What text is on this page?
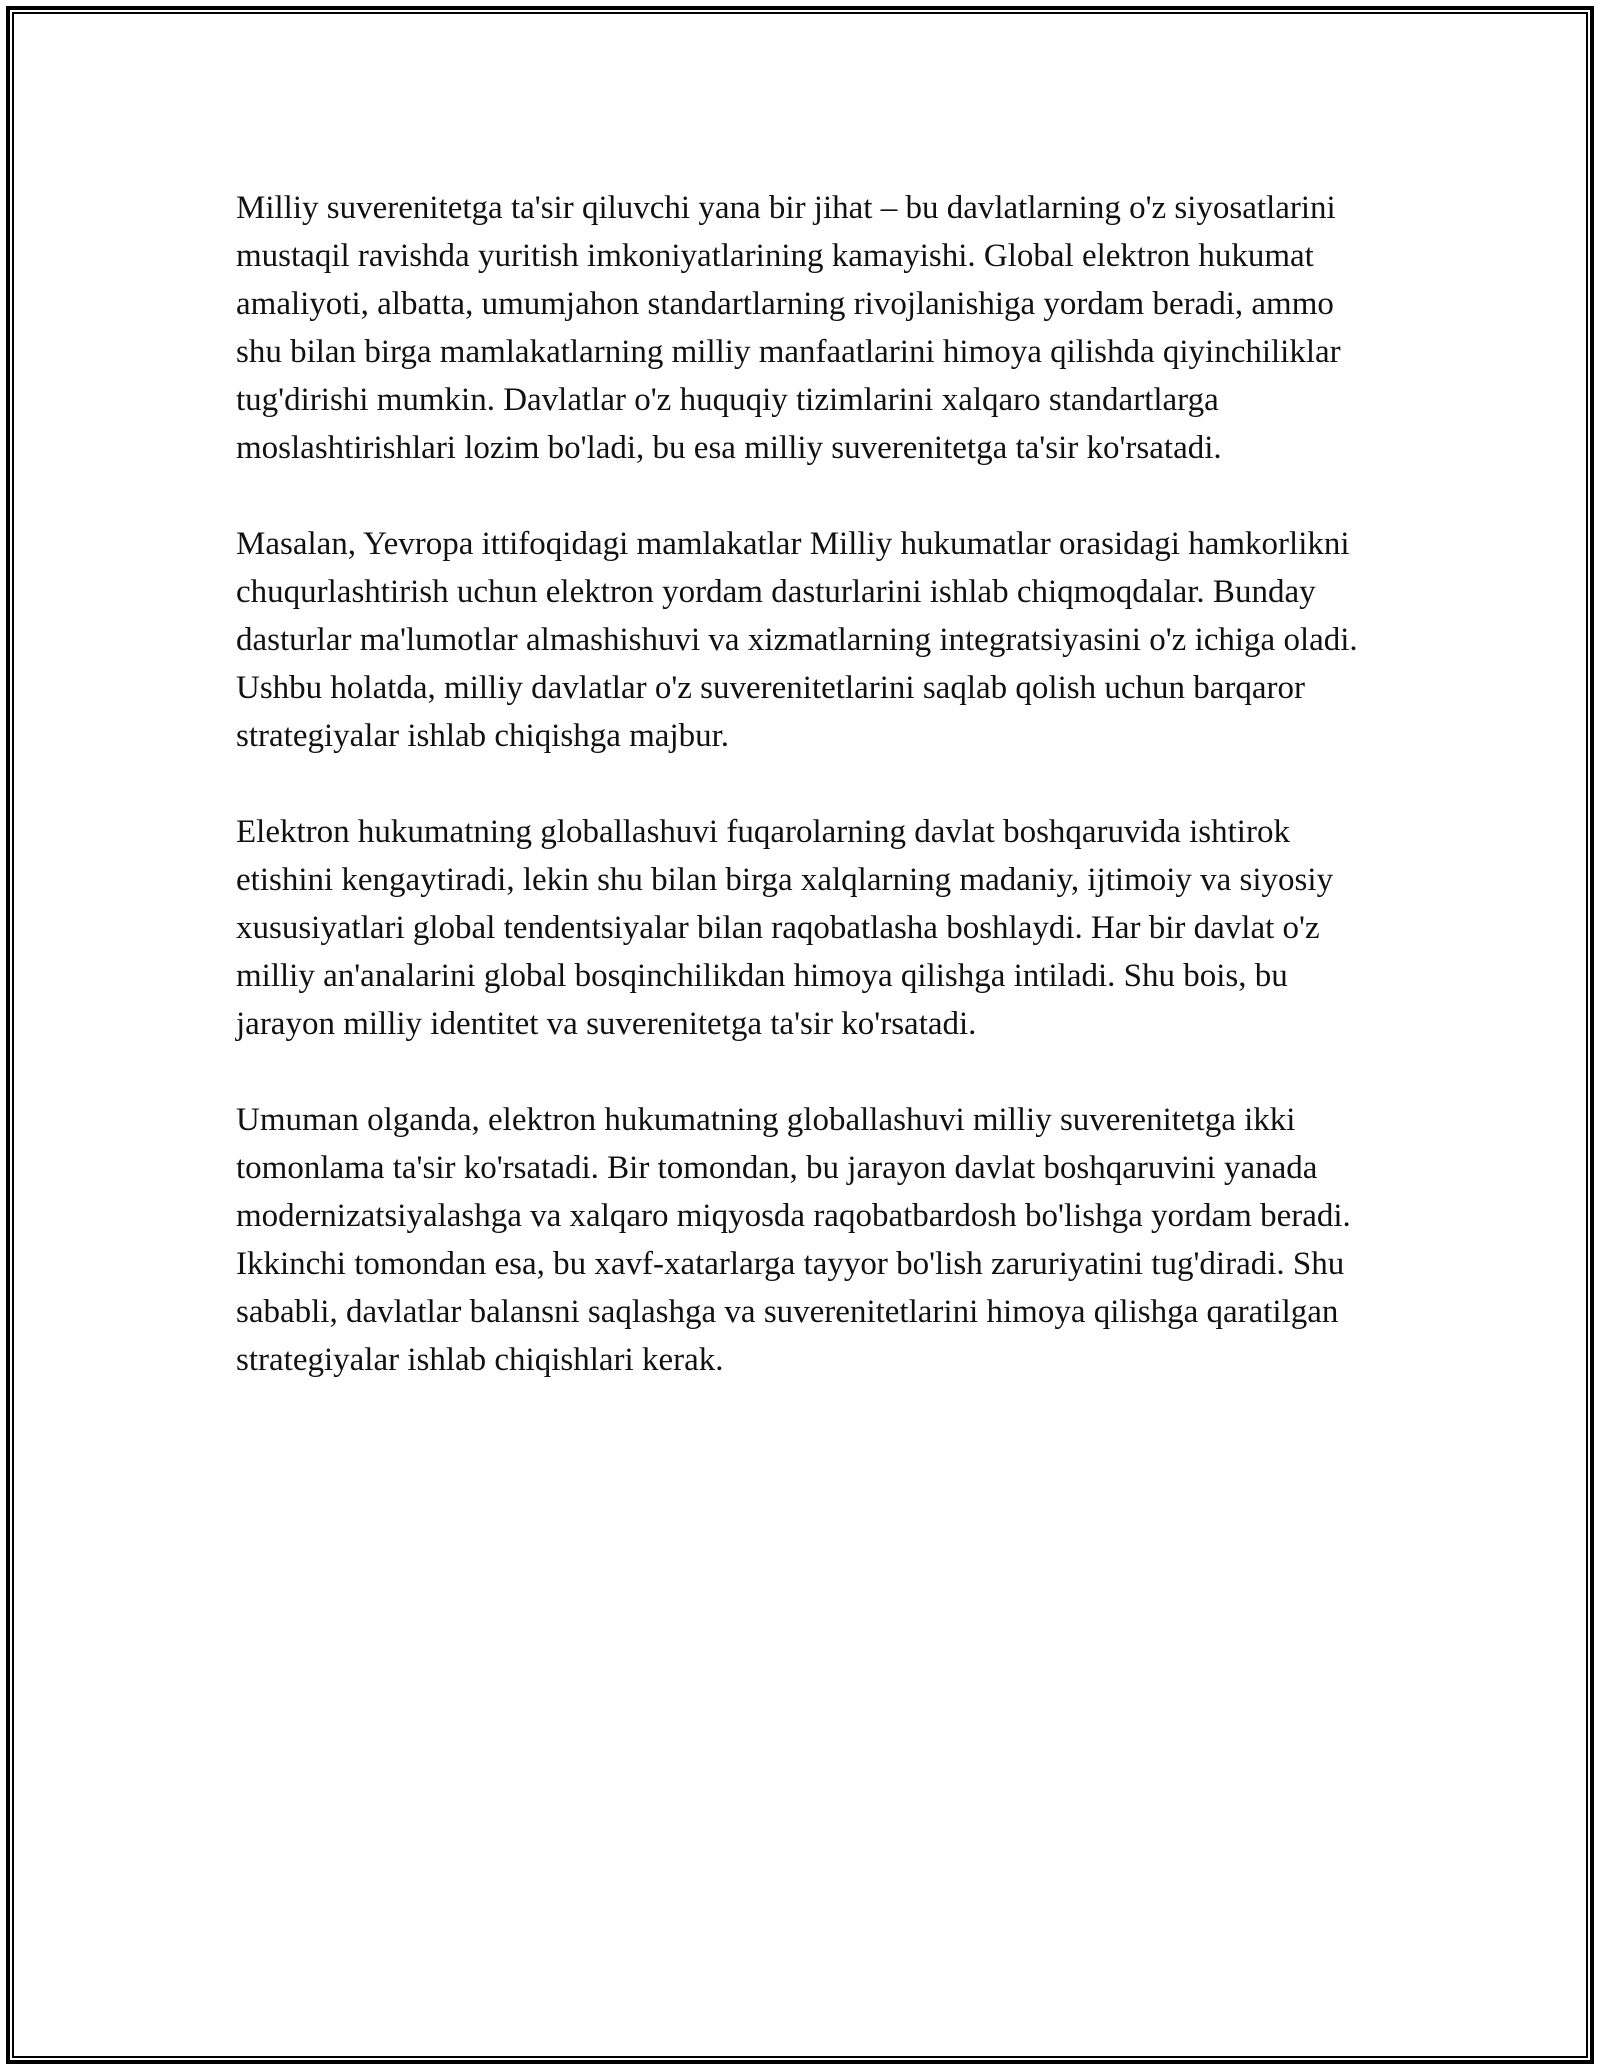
Milliy suverenitetga ta'sir qiluvchi yana bir jihat – bu davlatlarning o'z siyosatlarini mustaqil ravishda yuritish imkoniyatlarining kamayishi. Global elektron hukumat amaliyoti, albatta, umumjahon standartlarning rivojlanishiga yordam beradi, ammo shu bilan birga mamlakatlarning milliy manfaatlarini himoya qilishda qiyinchiliklar tug'dirishi mumkin. Davlatlar o'z huquqiy tizimlarini xalqaro standartlarga moslashtirishlari lozim bo'ladi, bu esa milliy suverenitetga ta'sir ko'rsatadi.

Masalan, Yevropa ittifoqidagi mamlakatlar Milliy hukumatlar orasidagi hamkorlikni chuqurlashtirish uchun elektron yordam dasturlarini ishlab chiqmoqdalar. Bunday dasturlar ma'lumotlar almashishuvi va xizmatlarning integratsiyasini o'z ichiga oladi. Ushbu holatda, milliy davlatlar o'z suverenitetlarini saqlab qolish uchun barqaror strategiyalar ishlab chiqishga majbur.

Elektron hukumatning globallashuvi fuqarolarning davlat boshqaruvida ishtirok etishini kengaytiradi, lekin shu bilan birga xalqlarning madaniy, ijtimoiy va siyosiy xususiyatlari global tendentsiyalar bilan raqobatlasha boshlaydi. Har bir davlat o'z milliy an'analarini global bosqinchilikdan himoya qilishga intiladi. Shu bois, bu jarayon milliy identitet va suverenitetga ta'sir ko'rsatadi.

Umuman olganda, elektron hukumatning globallashuvi milliy suverenitetga ikki tomonlama ta'sir ko'rsatadi. Bir tomondan, bu jarayon davlat boshqaruvini yanada modernizatsiyalashga va xalqaro miqyosda raqobatbardosh bo'lishga yordam beradi. Ikkinchi tomondan esa, bu xavf-xatarlarga tayyor bo'lish zaruriyatini tug'diradi. Shu sababli, davlatlar balansni saqlashga va suverenitetlarini himoya qilishga qaratilgan strategiyalar ishlab chiqishlari kerak.
